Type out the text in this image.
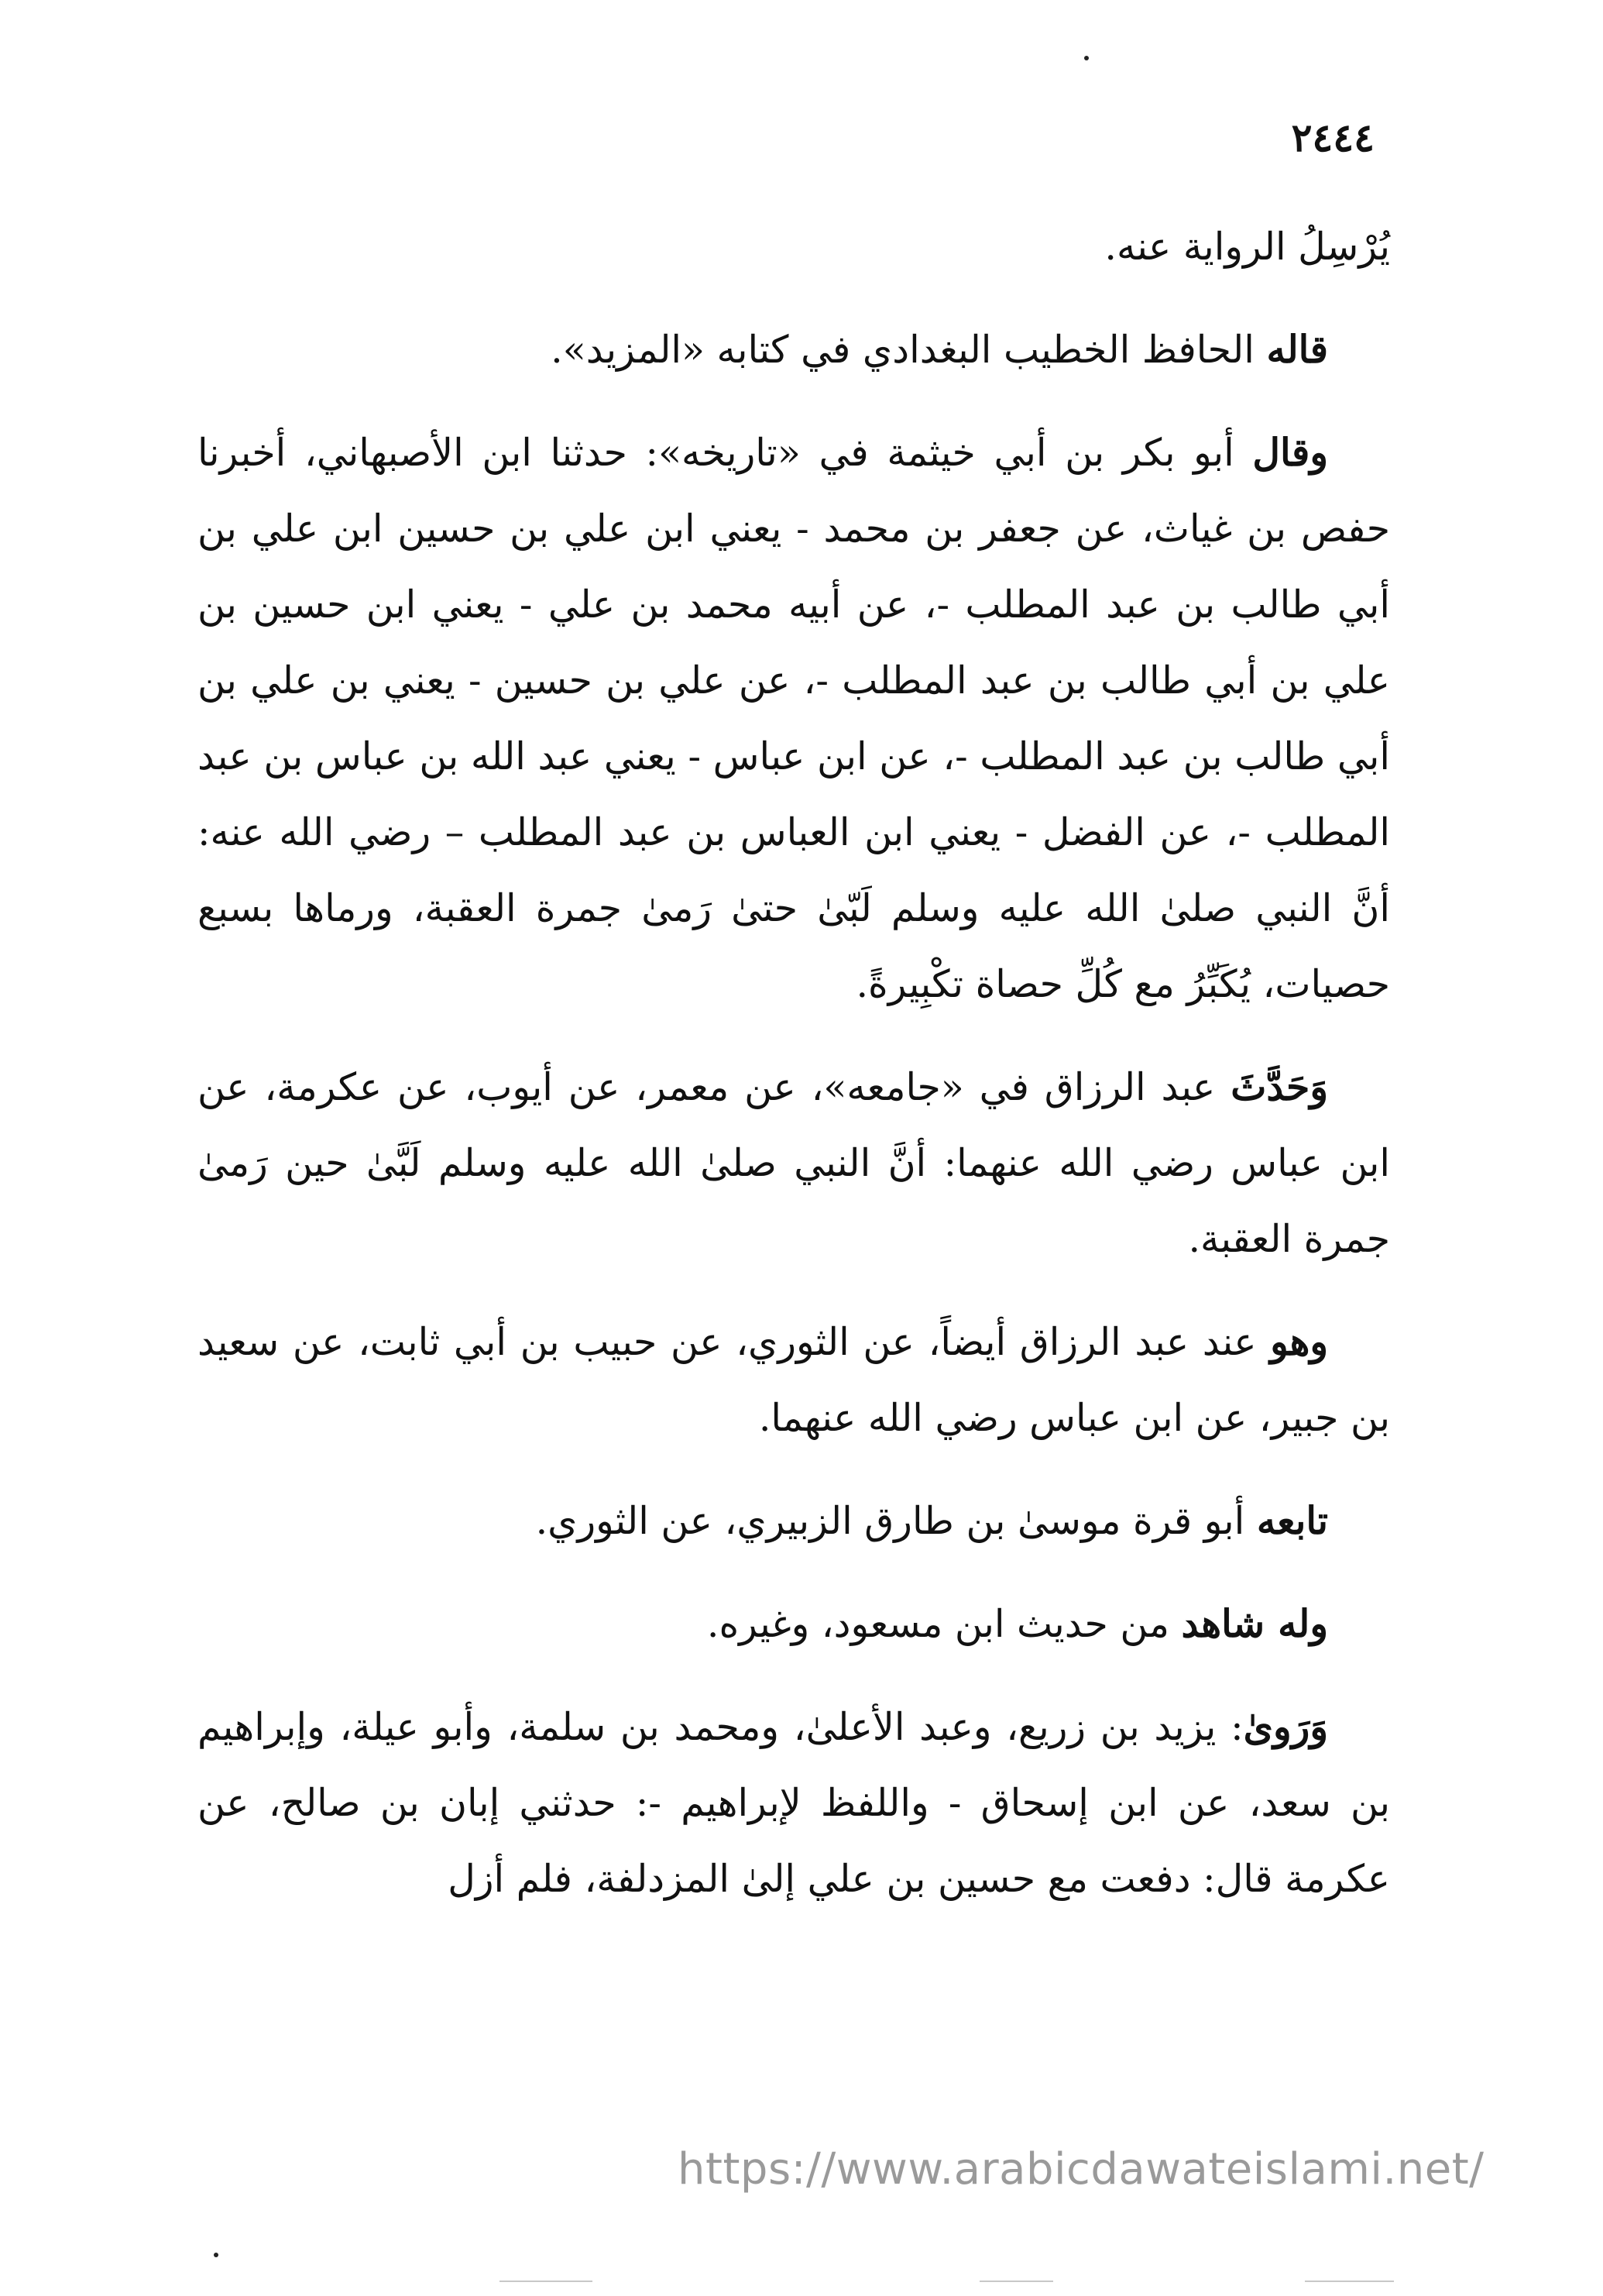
٢٤٤٤

يُرْسِلُ الرواية عنه.

قاله الحافظ الخطيب البغدادي في كتابه «المزيد».

وقال أبو بكر بن أبي خيثمة في «تاريخه»: حدثنا ابن الأصبهاني، أخبرنا حفص بن غياث، عن جعفر بن محمد - يعني ابن علي بن حسين ابن علي بن أبي طالب بن عبد المطلب -، عن أبيه محمد بن علي - يعني ابن حسين بن علي بن أبي طالب بن عبد المطلب -، عن علي بن حسين - يعني بن علي بن أبي طالب بن عبد المطلب -، عن ابن عباس - يعني عبد الله بن عباس بن عبد المطلب -، عن الفضل - يعني ابن العباس بن عبد المطلب – رضي الله عنه: أنَّ النبي صلىٰ الله عليه وسلم لَبّىٰ حتىٰ رَمىٰ جمرة العقبة، ورماها بسبع حصيات، يُكَبِّرُ مع كُلِّ حصاة تكْبِيرةً.

وَحَدَّثَ عبد الرزاق في «جامعه»، عن معمر، عن أيوب، عن عكرمة، عن ابن عباس رضي الله عنهما: أنَّ النبي صلىٰ الله عليه وسلم لَبَّىٰ حين رَمىٰ جمرة العقبة.

وهو عند عبد الرزاق أيضاً، عن الثوري، عن حبيب بن أبي ثابت، عن سعيد بن جبير، عن ابن عباس رضي الله عنهما.

تابعه أبو قرة موسىٰ بن طارق الزبيري، عن الثوري.

وله شاهد من حديث ابن مسعود، وغيره.

وَرَوىٰ: يزيد بن زريع، وعبد الأعلىٰ، ومحمد بن سلمة، وأبو عيلة، وإبراهيم بن سعد، عن ابن إسحاق - واللفظ لإبراهيم -: حدثني إبان بن صالح، عن عكرمة قال: دفعت مع حسين بن علي إلىٰ المزدلفة، فلم أزل

https://www.arabicdawateislami.net/
